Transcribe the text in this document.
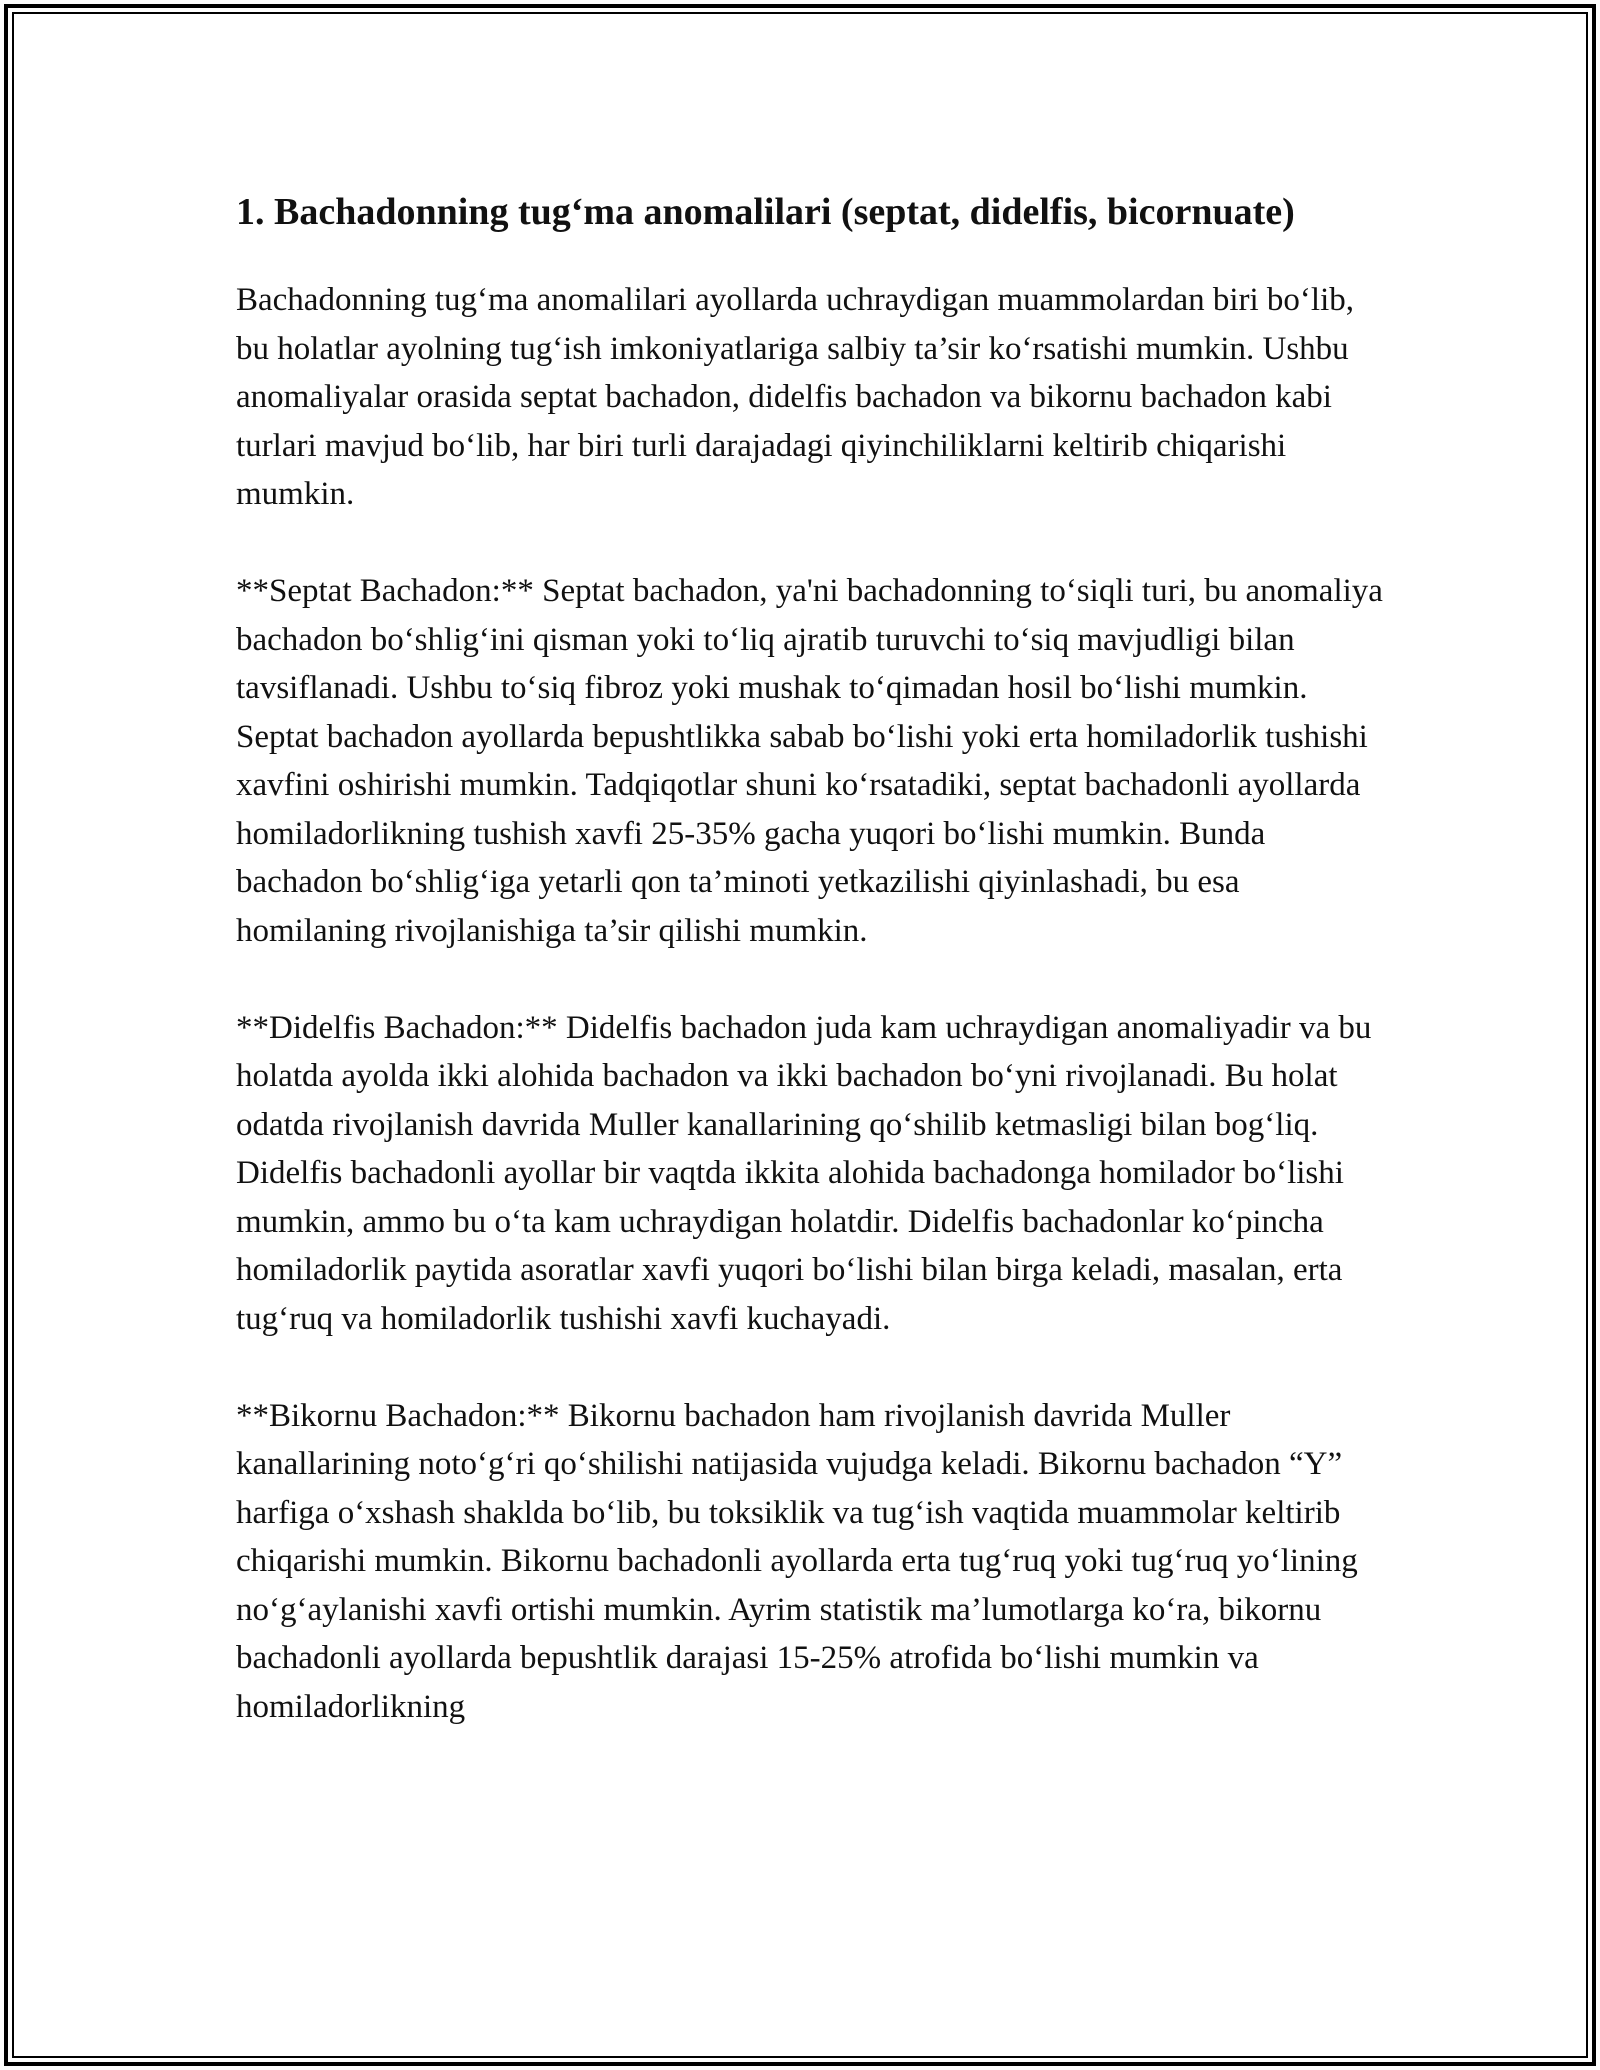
1. Bachadonning tug‘ma anomalilari (septat, didelfis, bicornuate)

Bachadonning tug‘ma anomalilari ayollarda uchraydigan muammolardan biri bo‘lib, bu holatlar ayolning tug‘ish imkoniyatlariga salbiy ta’sir ko‘rsatishi mumkin. Ushbu anomaliyalar orasida septat bachadon, didelfis bachadon va bikornu bachadon kabi turlari mavjud bo‘lib, har biri turli darajadagi qiyinchiliklarni keltirib chiqarishi mumkin.

**Septat Bachadon:** Septat bachadon, ya'ni bachadonning to‘siqli turi, bu anomaliya bachadon bo‘shlig‘ini qisman yoki to‘liq ajratib turuvchi to‘siq mavjudligi bilan tavsiflanadi. Ushbu to‘siq fibroz yoki mushak to‘qimadan hosil bo‘lishi mumkin. Septat bachadon ayollarda bepushtlikka sabab bo‘lishi yoki erta homiladorlik tushishi xavfini oshirishi mumkin. Tadqiqotlar shuni ko‘rsatadiki, septat bachadonli ayollarda homiladorlikning tushish xavfi 25-35% gacha yuqori bo‘lishi mumkin. Bunda bachadon bo‘shlig‘iga yetarli qon ta’minoti yetkazilishi qiyinlashadi, bu esa homilaning rivojlanishiga ta’sir qilishi mumkin.

**Didelfis Bachadon:** Didelfis bachadon juda kam uchraydigan anomaliyadir va bu holatda ayolda ikki alohida bachadon va ikki bachadon bo‘yni rivojlanadi. Bu holat odatda rivojlanish davrida Muller kanallarining qo‘shilib ketmasligi bilan bog‘liq. Didelfis bachadonli ayollar bir vaqtda ikkita alohida bachadonga homilador bo‘lishi mumkin, ammo bu o‘ta kam uchraydigan holatdir. Didelfis bachadonlar ko‘pincha homiladorlik paytida asoratlar xavfi yuqori bo‘lishi bilan birga keladi, masalan, erta tug‘ruq va homiladorlik tushishi xavfi kuchayadi.

**Bikornu Bachadon:** Bikornu bachadon ham rivojlanish davrida Muller kanallarining noto‘g‘ri qo‘shilishi natijasida vujudga keladi. Bikornu bachadon “Y” harfiga o‘xshash shaklda bo‘lib, bu toksiklik va tug‘ish vaqtida muammolar keltirib chiqarishi mumkin. Bikornu bachadonli ayollarda erta tug‘ruq yoki tug‘ruq yo‘lining no‘g‘aylanishi xavfi ortishi mumkin. Ayrim statistik ma’lumotlarga ko‘ra, bikornu bachadonli ayollarda bepushtlik darajasi 15-25% atrofida bo‘lishi mumkin va homiladorlikning
